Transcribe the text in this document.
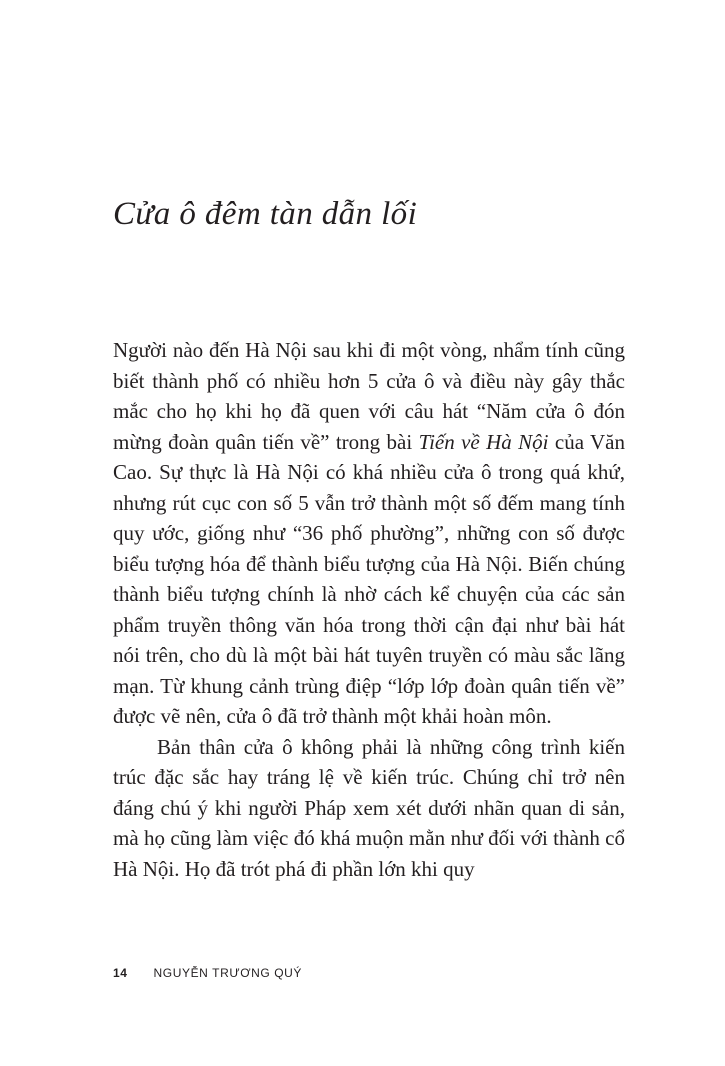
Cửa ô đêm tàn dẫn lối

Người nào đến Hà Nội sau khi đi một vòng, nhẩm tính cũng biết thành phố có nhiều hơn 5 cửa ô và điều này gây thắc mắc cho họ khi họ đã quen với câu hát “Năm cửa ô đón mừng đoàn quân tiến về” trong bài Tiến về Hà Nội của Văn Cao. Sự thực là Hà Nội có khá nhiều cửa ô trong quá khứ, nhưng rút cục con số 5 vẫn trở thành một số đếm mang tính quy ước, giống như “36 phố phường”, những con số được biểu tượng hóa để thành biểu tượng của Hà Nội. Biến chúng thành biểu tượng chính là nhờ cách kể chuyện của các sản phẩm truyền thông văn hóa trong thời cận đại như bài hát nói trên, cho dù là một bài hát tuyên truyền có màu sắc lãng mạn. Từ khung cảnh trùng điệp “lớp lớp đoàn quân tiến về” được vẽ nên, cửa ô đã trở thành một khải hoàn môn.

Bản thân cửa ô không phải là những công trình kiến trúc đặc sắc hay tráng lệ về kiến trúc. Chúng chỉ trở nên đáng chú ý khi người Pháp xem xét dưới nhãn quan di sản, mà họ cũng làm việc đó khá muộn mằn như đối với thành cổ Hà Nội. Họ đã trót phá đi phần lớn khi quy

14 NGUYỄN TRƯƠNG QUÝ
